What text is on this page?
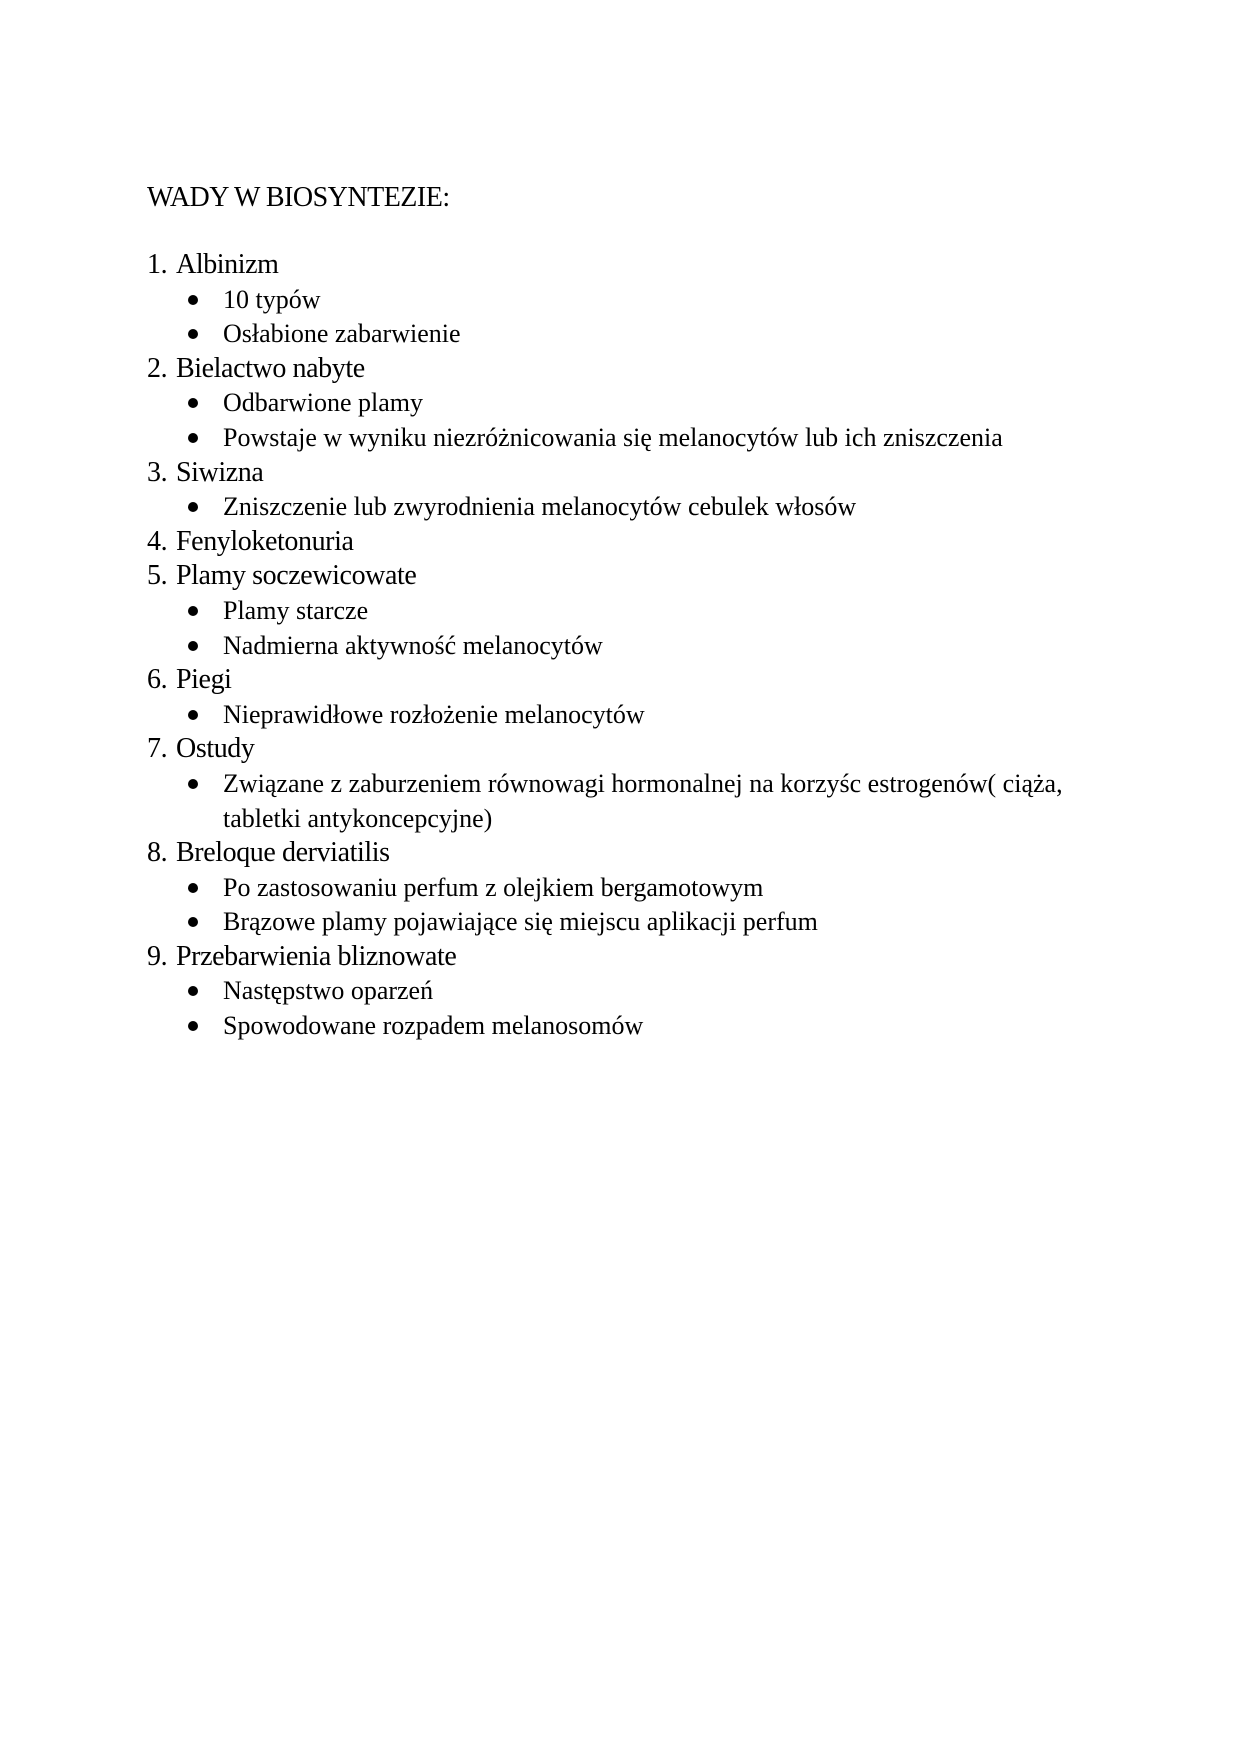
WADY W BIOSYNTEZIE:
1. Albinizm
10 typów
Osłabione zabarwienie
2. Bielactwo nabyte
Odbarwione plamy
Powstaje w wyniku niezróżnicowania się melanocytów lub ich zniszczenia
3. Siwizna
Zniszczenie lub zwyrodnienia melanocytów cebulek włosów
4. Fenyloketonuria
5. Plamy soczewicowate
Plamy starcze
Nadmierna aktywność melanocytów
6. Piegi
Nieprawidłowe rozłożenie melanocytów
7. Ostudy
Związane z zaburzeniem równowagi hormonalnej na korzyśc estrogenów( ciąża, tabletki antykoncepcyjne)
8. Breloque derviatilis
Po zastosowaniu perfum z olejkiem bergamotowym
Brązowe plamy pojawiające się miejscu aplikacji perfum
9. Przebarwienia bliznowate
Następstwo oparzeń
Spowodowane rozpadem melanosomów
